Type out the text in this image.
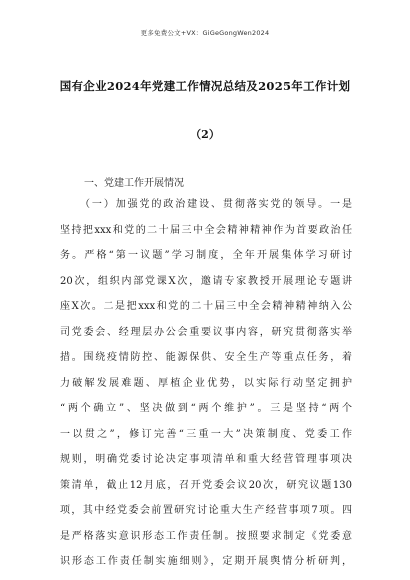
更多免费公文+VX：GiGeGongWen2024
国有企业2024年党建工作情况总结及2025年工作计划
（2）
一、党建工作开展情况
（一）加强党的政治建设、贯彻落实党的领导。一是
坚持把xxx和党的二十届三中全会精神精神作为首要政治任
务。严格“第一议题”学习制度，全年开展集体学习研讨
20次，组织内部党课X次，邀请专家教授开展理论专题讲
座X次。二是把xxx和党的二十届三中全会精神精神纳入公
司党委会、经理层办公会重要议事内容，研究贯彻落实举
措。围绕疫情防控、能源保供、安全生产等重点任务，着
力破解发展难题、厚植企业优势，以实际行动坚定拥护
“两个确立”、坚决做到“两个维护”。三是坚持“两个
一以贯之”，修订完善“三重一大”决策制度、党委工作
规则，明确党委讨论决定事项清单和重大经营管理事项决
策清单，截止12月底，召开党委会议20次，研究议题130
项，其中经党委会前置研究讨论重大生产经营事项7项。四
是严格落实意识形态工作责任制。按照要求制定《党委意
识形态工作责任制实施细则》，定期开展舆情分析研判，
